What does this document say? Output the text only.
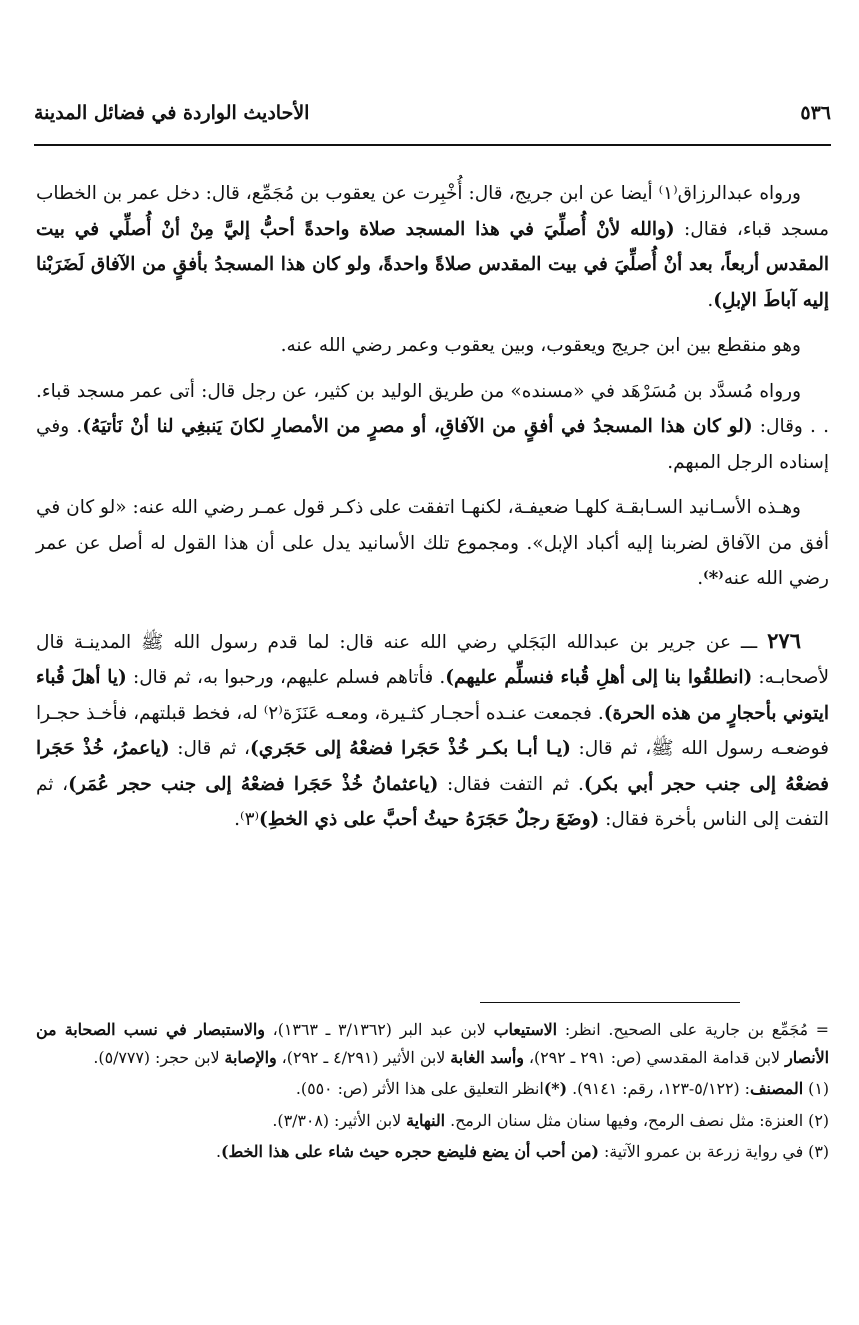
٥٣٦
الأحاديث الواردة في فضائل المدينة

ورواه عبدالرزاق⁽١⁾ أيضا عن ابن جريج، قال: أُخْبِرت عن يعقوب بن مُجَمِّع، قال: دخل عمر بن الخطاب مسجد قباء، فقال: (والله لأنْ أُصلِّيَ في هذا المسجد صلاة واحدةً أحبُّ إليَّ مِنْ أنْ أُصلِّي في بيت المقدس أربعاً، بعد أنْ أُصلِّيَ في بيت المقدس صلاةً واحدةً، ولو كان هذا المسجدُ بأفقٍ من الآفاق لَضَرَبْنا إليه آباطَ الإبلِ).

وهو منقطع بين ابن جريج ويعقوب، وبين يعقوب وعمر رضي الله عنه.

ورواه مُسدَّد بن مُسَرْهَد في «مسنده» من طريق الوليد بن كثير، عن رجل قال: أتى عمر مسجد قباء. . . وقال: (لو كان هذا المسجدُ في أفقٍ من الآفاقِ، أو مصرٍ من الأمصارِ لكانَ يَنبغِي لنا أنْ نَأتيَهُ). وفي إسناده الرجل المبهم.

وهـذه الأسـانيد السـابقـة كلهـا ضعيفـة، لكنهـا اتفقت على ذكـر قول عمـر رضي الله عنه: «لو كان في أفق من الآفاق لضربنا إليه أكباد الإبل». ومجموع تلك الأسانيد يدل على أن هذا القول له أصل عن عمر رضي الله عنه⁽*⁾.

٢٧٦ ـــ عن جرير بن عبدالله البَجَلي رضي الله عنه قال: لما قدم رسول الله ﷺ المدينـة قال لأصحابـه: (انطلقُوا بنا إلى أهلِ قُباء فنسلِّم عليهم). فأتاهم فسلم عليهم، ورحبوا به، ثم قال: (يا أهلَ قُباء ايتوني بأحجارٍ من هذه الحرة). فجمعت عنـده أحجـار كثـيرة، ومعـه عَنَزَة⁽٢⁾ له، فخط قبلتهم، فأخـذ حجـرا فوضعـه رسول الله ﷺ، ثم قال: (يـا أبـا بكـر خُذْ حَجَرا فضعْهُ إلى حَجَري)، ثم قال: (ياعمرُ، خُذْ حَجَرا فضعْهُ إلى جنب حجر أبي بكر). ثم التفت فقال: (ياعثمانُ خُذْ حَجَرا فضعْهُ إلى جنب حجر عُمَر)، ثم التفت إلى الناس بأخرة فقال: (وضَعَ رجلٌ حَجَرَهُ حيثُ أحبَّ على ذي الخطِ)⁽٣⁾.

= مُجَمِّع بن جارية على الصحيح. انظر: الاستيعاب لابن عبد البر (٣/١٣٦٢ ـ ١٣٦٣)، والاستبصار في نسب الصحابة من الأنصار لابن قدامة المقدسي (ص: ٢٩١ ـ ٢٩٢)، وأسد الغابة لابن الأثير (٤/٢٩١ ـ ٢٩٢)، والإصابة لابن حجر: (٥/٧٧٧).

(١) المصنف: (٥/١٢٢-١٢٣، رقم: ٩١٤١). (*)انظر التعليق على هذا الأثر (ص: ٥٥٠).

(٢) العنزة: مثل نصف الرمح، وفيها سنان مثل سنان الرمح. النهاية لابن الأثير: (٣/٣٠٨).

(٣) في رواية زرعة بن عمرو الآتية: (من أحب أن يضع فليضع حجره حيث شاء على هذا الخط).
